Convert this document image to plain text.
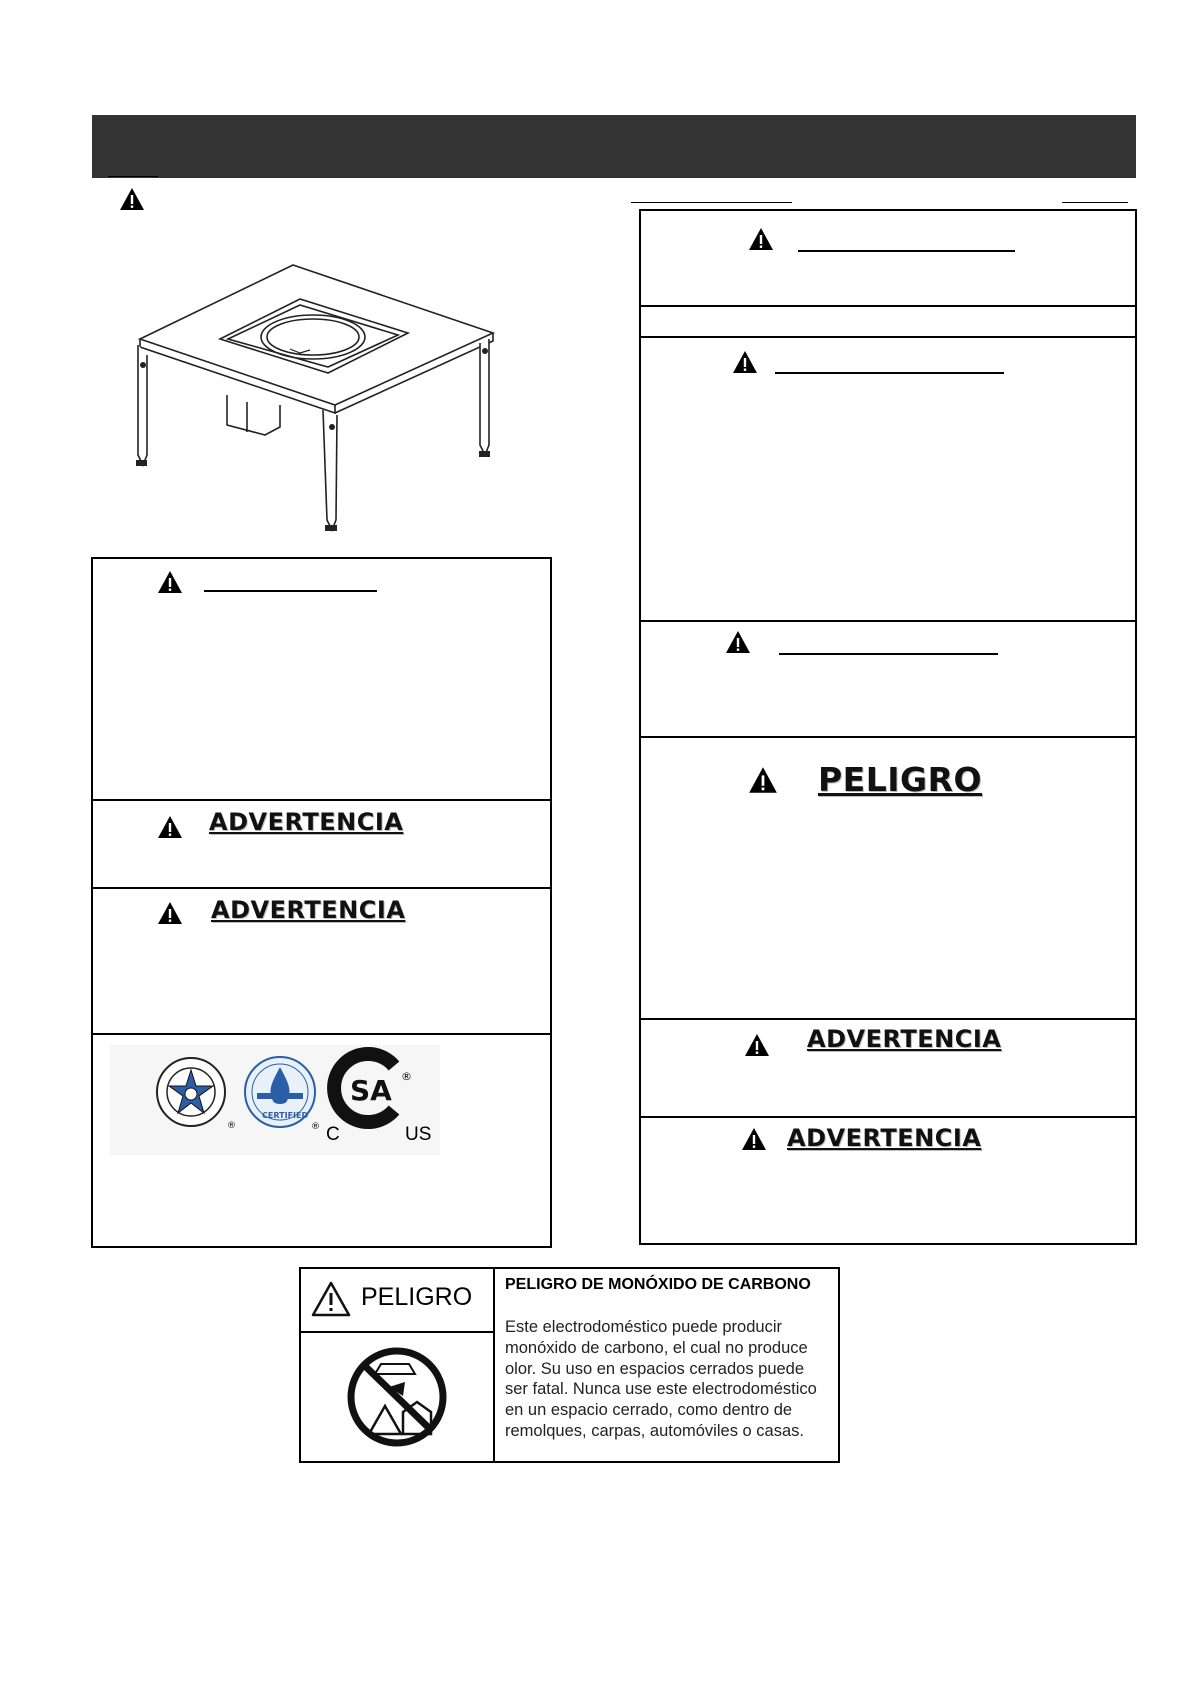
ADVERTENCIA
ADVERTENCIA
®
CERTIFIED
®
SA ®
C	US
PELIGRO
ADVERTENCIA
ADVERTENCIA
PELIGRO PELIGRO DE MONÓXIDO DE CARBONO
Este electrodoméstico puede producir
monóxido de carbono, el cual no produce
olor. Su uso en espacios cerrados puede
ser fatal. Nunca use este electrodoméstico
en un espacio cerrado, como dentro de
remolques, carpas, automóviles o casas.
